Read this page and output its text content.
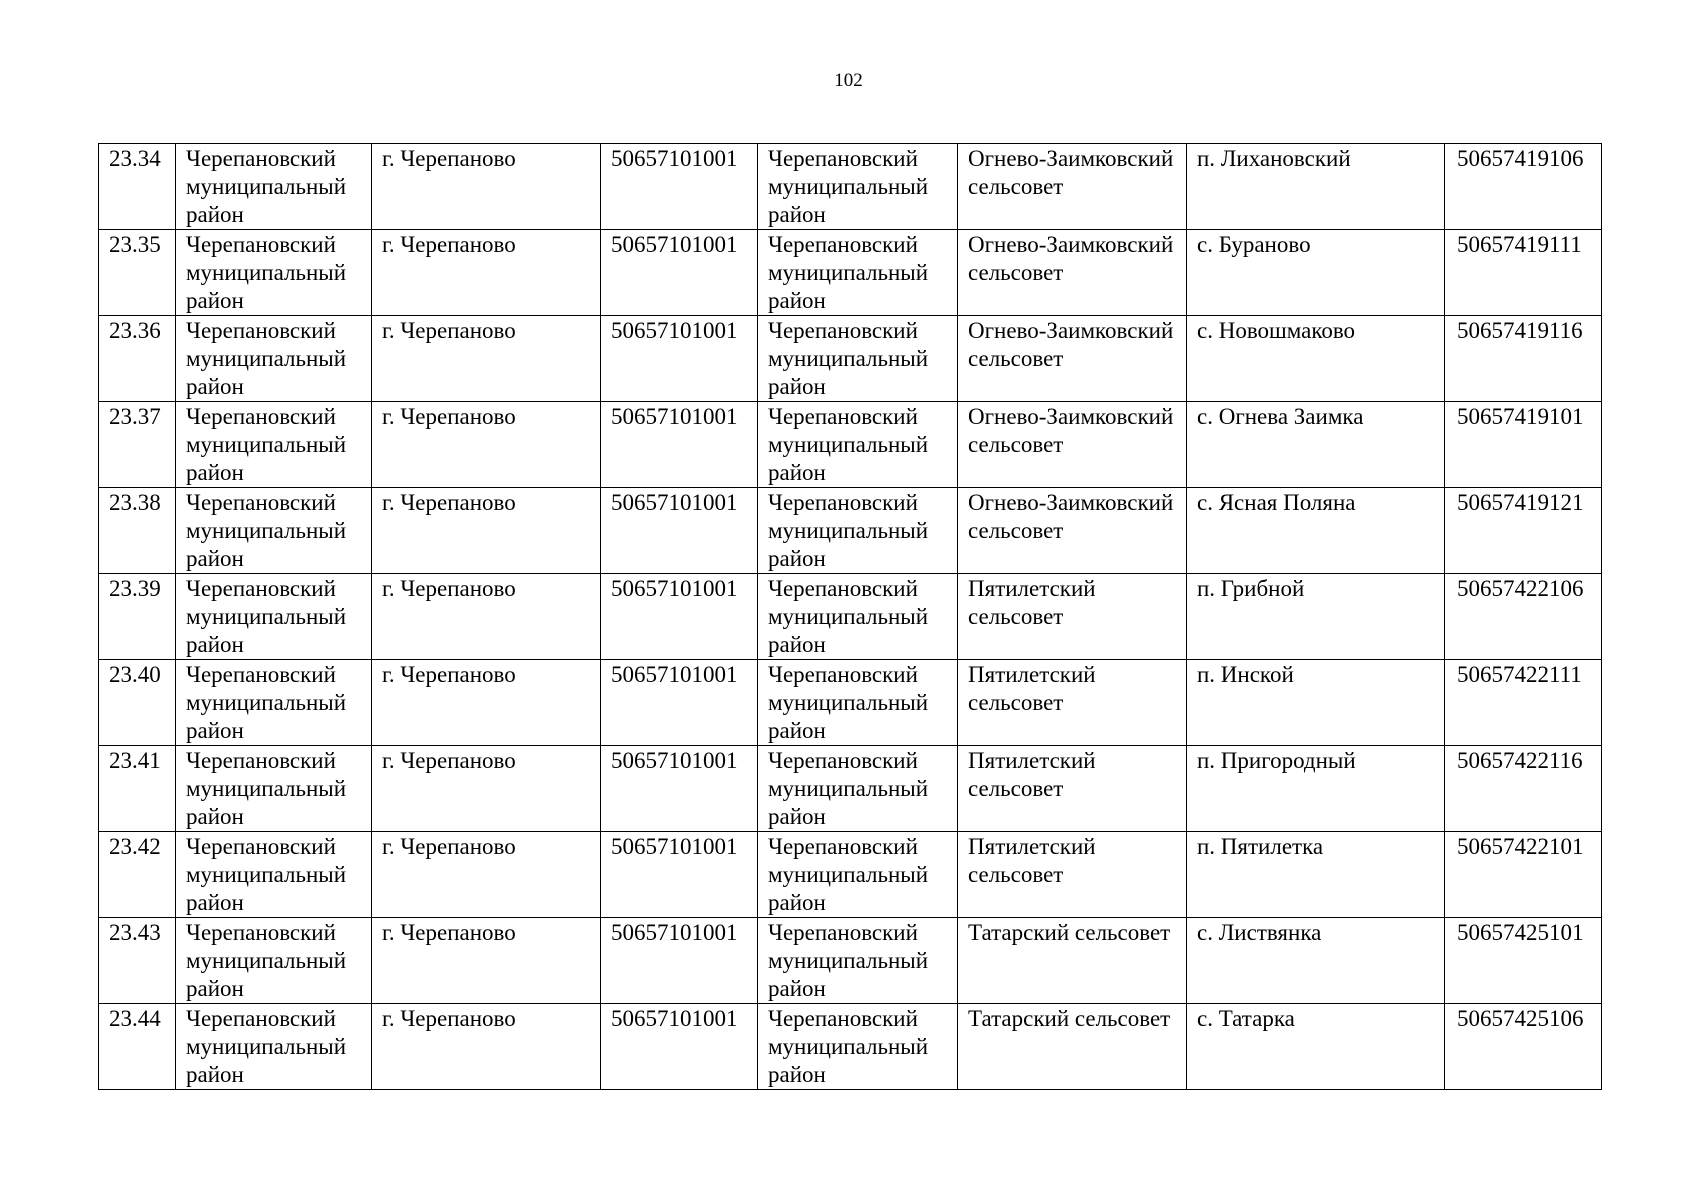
102
23.34	Черепановский муниципальный район	г. Черепаново	50657101001	Черепановский муниципальный район	Огнево-Заимковский сельсовет	п. Лихановский	50657419106
23.35	Черепановский муниципальный район	г. Черепаново	50657101001	Черепановский муниципальный район	Огнево-Заимковский сельсовет	с. Бураново	50657419111
23.36	Черепановский муниципальный район	г. Черепаново	50657101001	Черепановский муниципальный район	Огнево-Заимковский сельсовет	с. Новошмаково	50657419116
23.37	Черепановский муниципальный район	г. Черепаново	50657101001	Черепановский муниципальный район	Огнево-Заимковский сельсовет	с. Огнева Заимка	50657419101
23.38	Черепановский муниципальный район	г. Черепаново	50657101001	Черепановский муниципальный район	Огнево-Заимковский сельсовет	с. Ясная Поляна	50657419121
23.39	Черепановский муниципальный район	г. Черепаново	50657101001	Черепановский муниципальный район	Пятилетский сельсовет	п. Грибной	50657422106
23.40	Черепановский муниципальный район	г. Черепаново	50657101001	Черепановский муниципальный район	Пятилетский сельсовет	п. Инской	50657422111
23.41	Черепановский муниципальный район	г. Черепаново	50657101001	Черепановский муниципальный район	Пятилетский сельсовет	п. Пригородный	50657422116
23.42	Черепановский муниципальный район	г. Черепаново	50657101001	Черепановский муниципальный район	Пятилетский сельсовет	п. Пятилетка	50657422101
23.43	Черепановский муниципальный район	г. Черепаново	50657101001	Черепановский муниципальный район	Татарский сельсовет	с. Листвянка	50657425101
23.44	Черепановский муниципальный район	г. Черепаново	50657101001	Черепановский муниципальный район	Татарский сельсовет	с. Татарка	50657425106
